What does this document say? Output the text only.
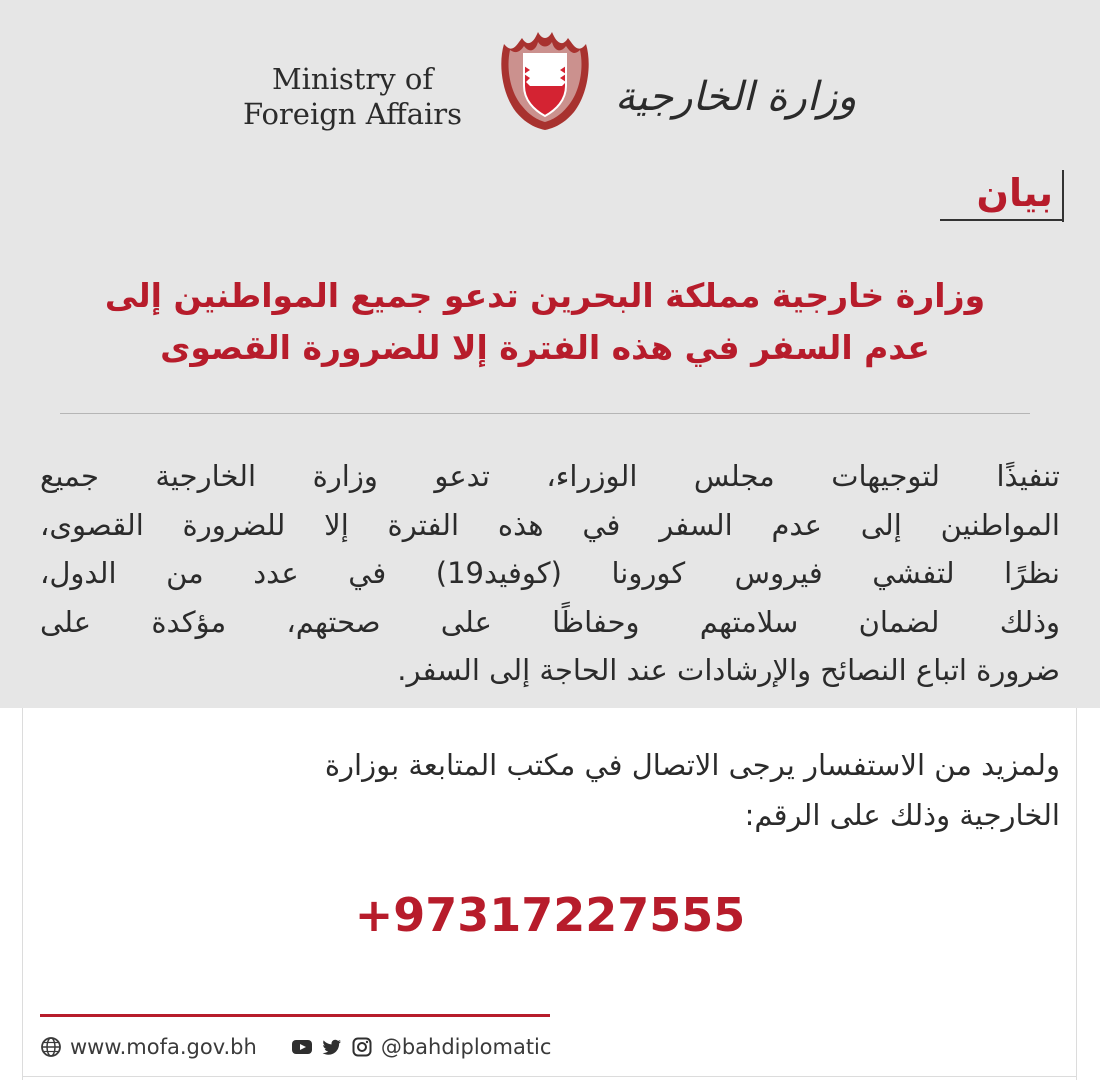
Ministry of
Foreign Affairs	وزارة الخارجية
بيان
وزارة خارجية مملكة البحرين تدعو جميع المواطنين إلى
عدم السفر في هذه الفترة إلا للضرورة القصوى
تنفيذًا لتوجيهات مجلس الوزراء، تدعو وزارة الخارجية جميع
المواطنين إلى عدم السفر في هذه الفترة إلا للضرورة القصوى،
نظرًا لتفشي فيروس كورونا (كوفيد19) في عدد من الدول،
وذلك لضمان سلامتهم وحفاظًا على صحتهم، مؤكدة على
ضرورة اتباع النصائح والإرشادات عند الحاجة إلى السفر.
ولمزيد من الاستفسار يرجى الاتصال في مكتب المتابعة بوزارة
الخارجية وذلك على الرقم:
+97317227555
www.mofa.gov.bh	@bahdiplomatic
